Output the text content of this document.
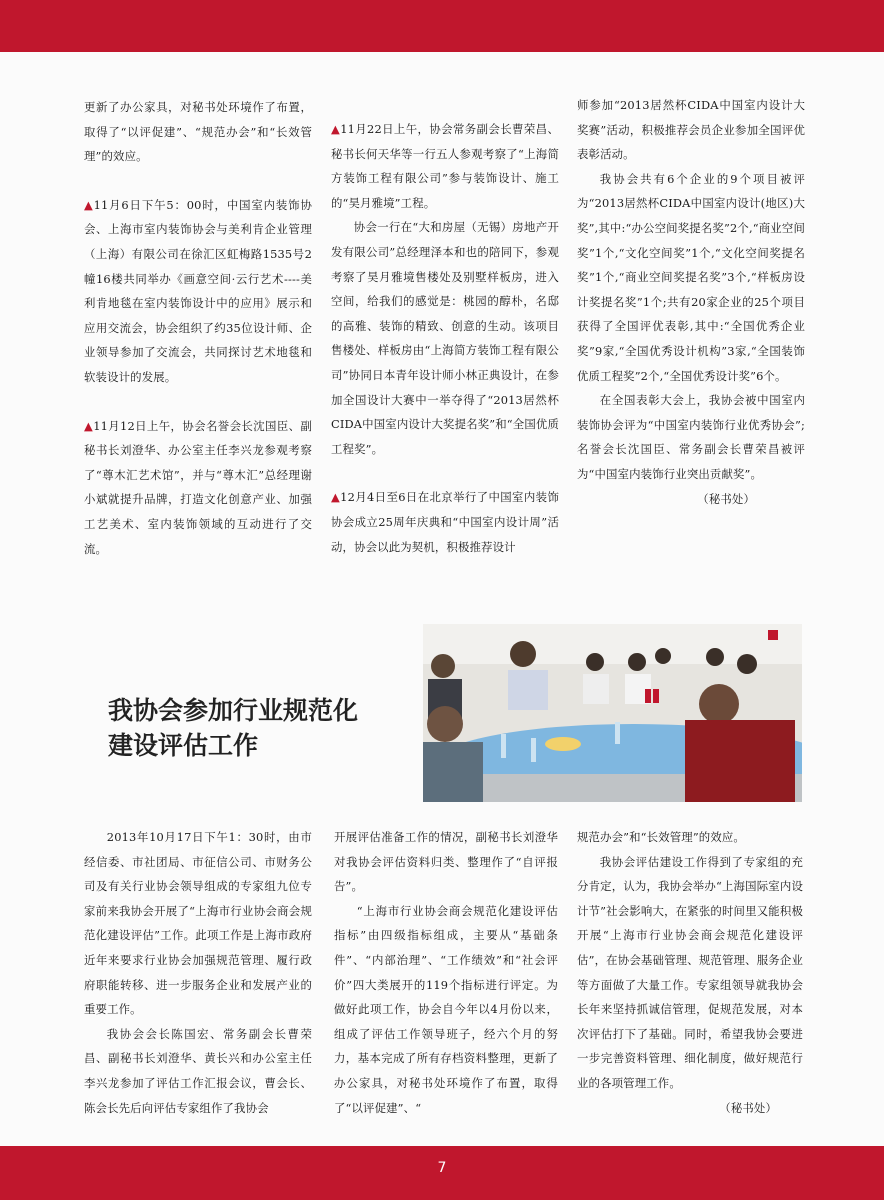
更新了办公家具，对秘书处环境作了布置，取得了“以评促建”、“规范办会”和“长效管理”的效应。

▲11月6日下午5：00时，中国室内装饰协会、上海市室内装饰协会与美利肯企业管理（上海）有限公司在徐汇区虹梅路1535号2幢16楼共同举办《画意空间·云行艺术----美利肯地毯在室内装饰设计中的应用》展示和应用交流会，协会组织了约35位设计师、企业领导参加了交流会，共同探讨艺术地毯和软装设计的发展。

▲11月12日上午，协会名誉会长沈国臣、副秘书长刘澄华、办公室主任李兴龙参观考察了“尊木汇艺术馆”，并与“尊木汇”总经理谢小斌就提升品牌，打造文化创意产业、加强工艺美术、室内装饰领域的互动进行了交流。

▲11月22日上午，协会常务副会长曹荣昌、秘书长何天华等一行五人参观考察了“上海简方装饰工程有限公司”参与装饰设计、施工的“昊月雅境”工程。

协会一行在“大和房屋（无锡）房地产开发有限公司”总经理泽本和也的陪同下，参观考察了昊月雅境售楼处及别墅样板房，进入空间，给我们的感觉是：桃园的醇朴，名邸的高雅、装饰的精致、创意的生动。该项目售楼处、样板房由“上海简方装饰工程有限公司”协同日本青年设计师小林正典设计，在参加全国设计大赛中一举夺得了“2013居然杯CIDA中国室内设计大奖提名奖”和“全国优质工程奖”。

▲12月4日至6日在北京举行了中国室内装饰协会成立25周年庆典和“中国室内设计周”活动，协会以此为契机，积极推荐设计

师参加“2013居然杯CIDA中国室内设计大奖赛”活动，积极推荐会员企业参加全国评优表彰活动。

我协会共有6个企业的9个项目被评为“2013居然杯CIDA中国室内设计(地区)大奖”,其中:“办公空间奖提名奖”2个,“商业空间奖”1个,“文化空间奖”1个,“文化空间奖提名奖”1个,“商业空间奖提名奖”3个,“样板房设计奖提名奖”1个;共有20家企业的25个项目获得了全国评优表彰,其中:“全国优秀企业奖”9家,“全国优秀设计机构”3家,“全国装饰优质工程奖”2个,“全国优秀设计奖”6个。

在全国表彰大会上，我协会被中国室内装饰协会评为“中国室内装饰行业优秀协会”;名誉会长沈国臣、常务副会长曹荣昌被评为“中国室内装饰行业突出贡献奖”。

（秘书处）

我协会参加行业规范化
建设评估工作

2013年10月17日下午1：30时，由市经信委、市社团局、市征信公司、市财务公司及有关行业协会领导组成的专家组九位专家前来我协会开展了“上海市行业协会商会规范化建设评估”工作。此项工作是上海市政府近年来要求行业协会加强规范管理、履行政府职能转移、进一步服务企业和发展产业的重要工作。

我协会会长陈国宏、常务副会长曹荣昌、副秘书长刘澄华、黄长兴和办公室主任李兴龙参加了评估工作汇报会议，曹会长、陈会长先后向评估专家组作了我协会

开展评估准备工作的情况，副秘书长刘澄华对我协会评估资料归类、整理作了“自评报告”。

“上海市行业协会商会规范化建设评估指标”由四级指标组成，主要从“基础条件”、“内部治理”、“工作绩效”和“社会评价”四大类展开的119个指标进行评定。为做好此项工作，协会自今年以4月份以来，组成了评估工作领导班子，经六个月的努力，基本完成了所有存档资料整理，更新了办公家具，对秘书处环境作了布置，取得了“以评促建”、“

规范办会”和“长效管理”的效应。

我协会评估建设工作得到了专家组的充分肯定，认为，我协会举办“上海国际室内设计节”社会影响大，在紧张的时间里又能积极开展“上海市行业协会商会规范化建设评估”，在协会基础管理、规范管理、服务企业等方面做了大量工作。专家组领导就我协会长年来坚持抓诚信管理，促规范发展，对本次评估打下了基础。同时，希望我协会要进一步完善资料管理、细化制度，做好规范行业的各项管理工作。

（秘书处）

7
